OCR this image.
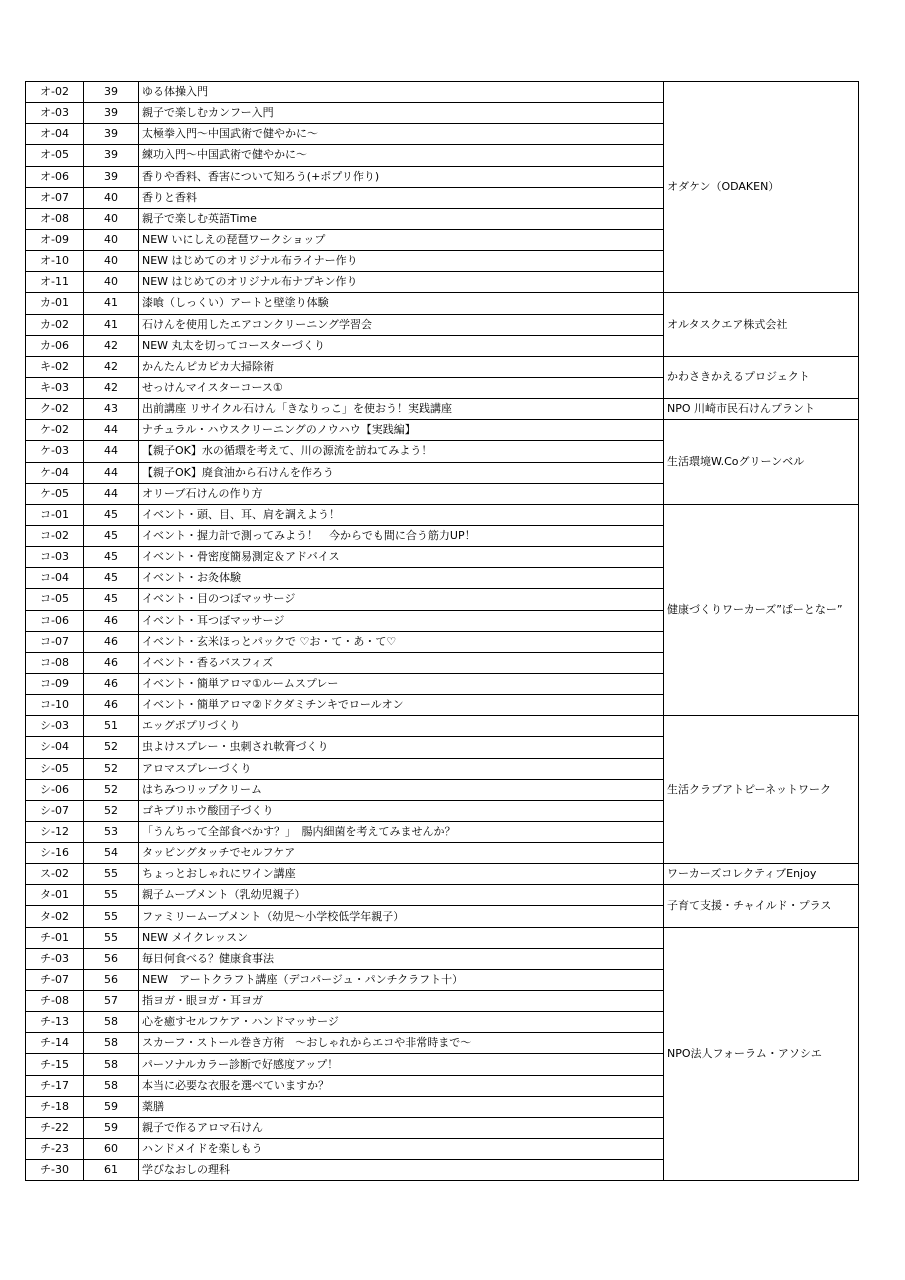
オ-02	39	ゆる体操入門	オダケン（ODAKEN）
オ-03	39	親子で楽しむカンフー入門	
オ-04	39	太極拳入門～中国武術で健やかに～	
オ-05	39	練功入門～中国武術で健やかに～	
オ-06	39	香りや香料、香害について知ろう(+ポプリ作り)	
オ-07	40	香りと香料	
オ-08	40	親子で楽しむ英語Time	
オ-09	40	NEW いにしえの琵琶ワークショップ	
オ-10	40	NEW はじめてのオリジナル布ライナー作り	
オ-11	40	NEW はじめてのオリジナル布ナプキン作り	
カ-01	41	漆喰（しっくい）アートと壁塗り体験	オルタスクエア株式会社
カ-02	41	石けんを使用したエアコンクリーニング学習会	
カ-06	42	NEW 丸太を切ってコースターづくり	
キ-02	42	かんたんピカピカ大掃除術	かわさきかえるプロジェクト
キ-03	42	せっけんマイスターコース①	
ク-02	43	出前講座 リサイクル石けん「きなりっこ」を使おう！実践講座	NPO 川崎市民石けんプラント
ケ-02	44	ナチュラル・ハウスクリーニングのノウハウ【実践編】	生活環境W.Coグリーンベル
ケ-03	44	【親子OK】水の循環を考えて、川の源流を訪ねてみよう！	
ケ-04	44	【親子OK】廃食油から石けんを作ろう	
ケ-05	44	オリーブ石けんの作り方	
コ-01	45	イベント・頭、目、耳、肩を調えよう！	健康づくりワーカーズ”ぱーとなー”
コ-02	45	イベント・握力計で測ってみよう！　今からでも間に合う筋力UP！	
コ-03	45	イベント・骨密度簡易測定＆アドバイス	
コ-04	45	イベント・お灸体験	
コ-05	45	イベント・目のつぼマッサージ	
コ-06	46	イベント・耳つぼマッサージ	
コ-07	46	イベント・玄米ほっとパックで ♡お・て・あ・て♡	
コ-08	46	イベント・香るバスフィズ	
コ-09	46	イベント・簡単アロマ①ルームスプレー	
コ-10	46	イベント・簡単アロマ②ドクダミチンキでロールオン	
シ-03	51	エッグポプリづくり	生活クラブアトピーネットワーク
シ-04	52	虫よけスプレー・虫刺され軟膏づくり	
シ-05	52	アロマスプレーづくり	
シ-06	52	はちみつリップクリーム	
シ-07	52	ゴキブリホウ酸団子づくり	
シ-12	53	「うんちって全部食べかす？」　腸内細菌を考えてみませんか？	
シ-16	54	タッピングタッチでセルフケア	
ス-02	55	ちょっとおしゃれにワイン講座	ワーカーズコレクティブEnjoy
タ-01	55	親子ムーブメント（乳幼児親子）	子育て支援・チャイルド・プラス
タ-02	55	ファミリームーブメント（幼児～小学校低学年親子）	
チ-01	55	NEW メイクレッスン	NPO法人フォーラム・アソシエ
チ-03	56	毎日何食べる？健康食事法	
チ-07	56	NEW　アートクラフト講座（デコパージュ・パンチクラフト十）	
チ-08	57	指ヨガ・眼ヨガ・耳ヨガ	
チ-13	58	心を癒すセルフケア・ハンドマッサージ	
チ-14	58	スカーフ・ストール巻き方術　～おしゃれからエコや非常時まで～	
チ-15	58	パーソナルカラー診断で好感度アップ！	
チ-17	58	本当に必要な衣服を選べていますか？	
チ-18	59	薬膳	
チ-22	59	親子で作るアロマ石けん	
チ-23	60	ハンドメイドを楽しもう	
チ-30	61	学びなおしの理科	
